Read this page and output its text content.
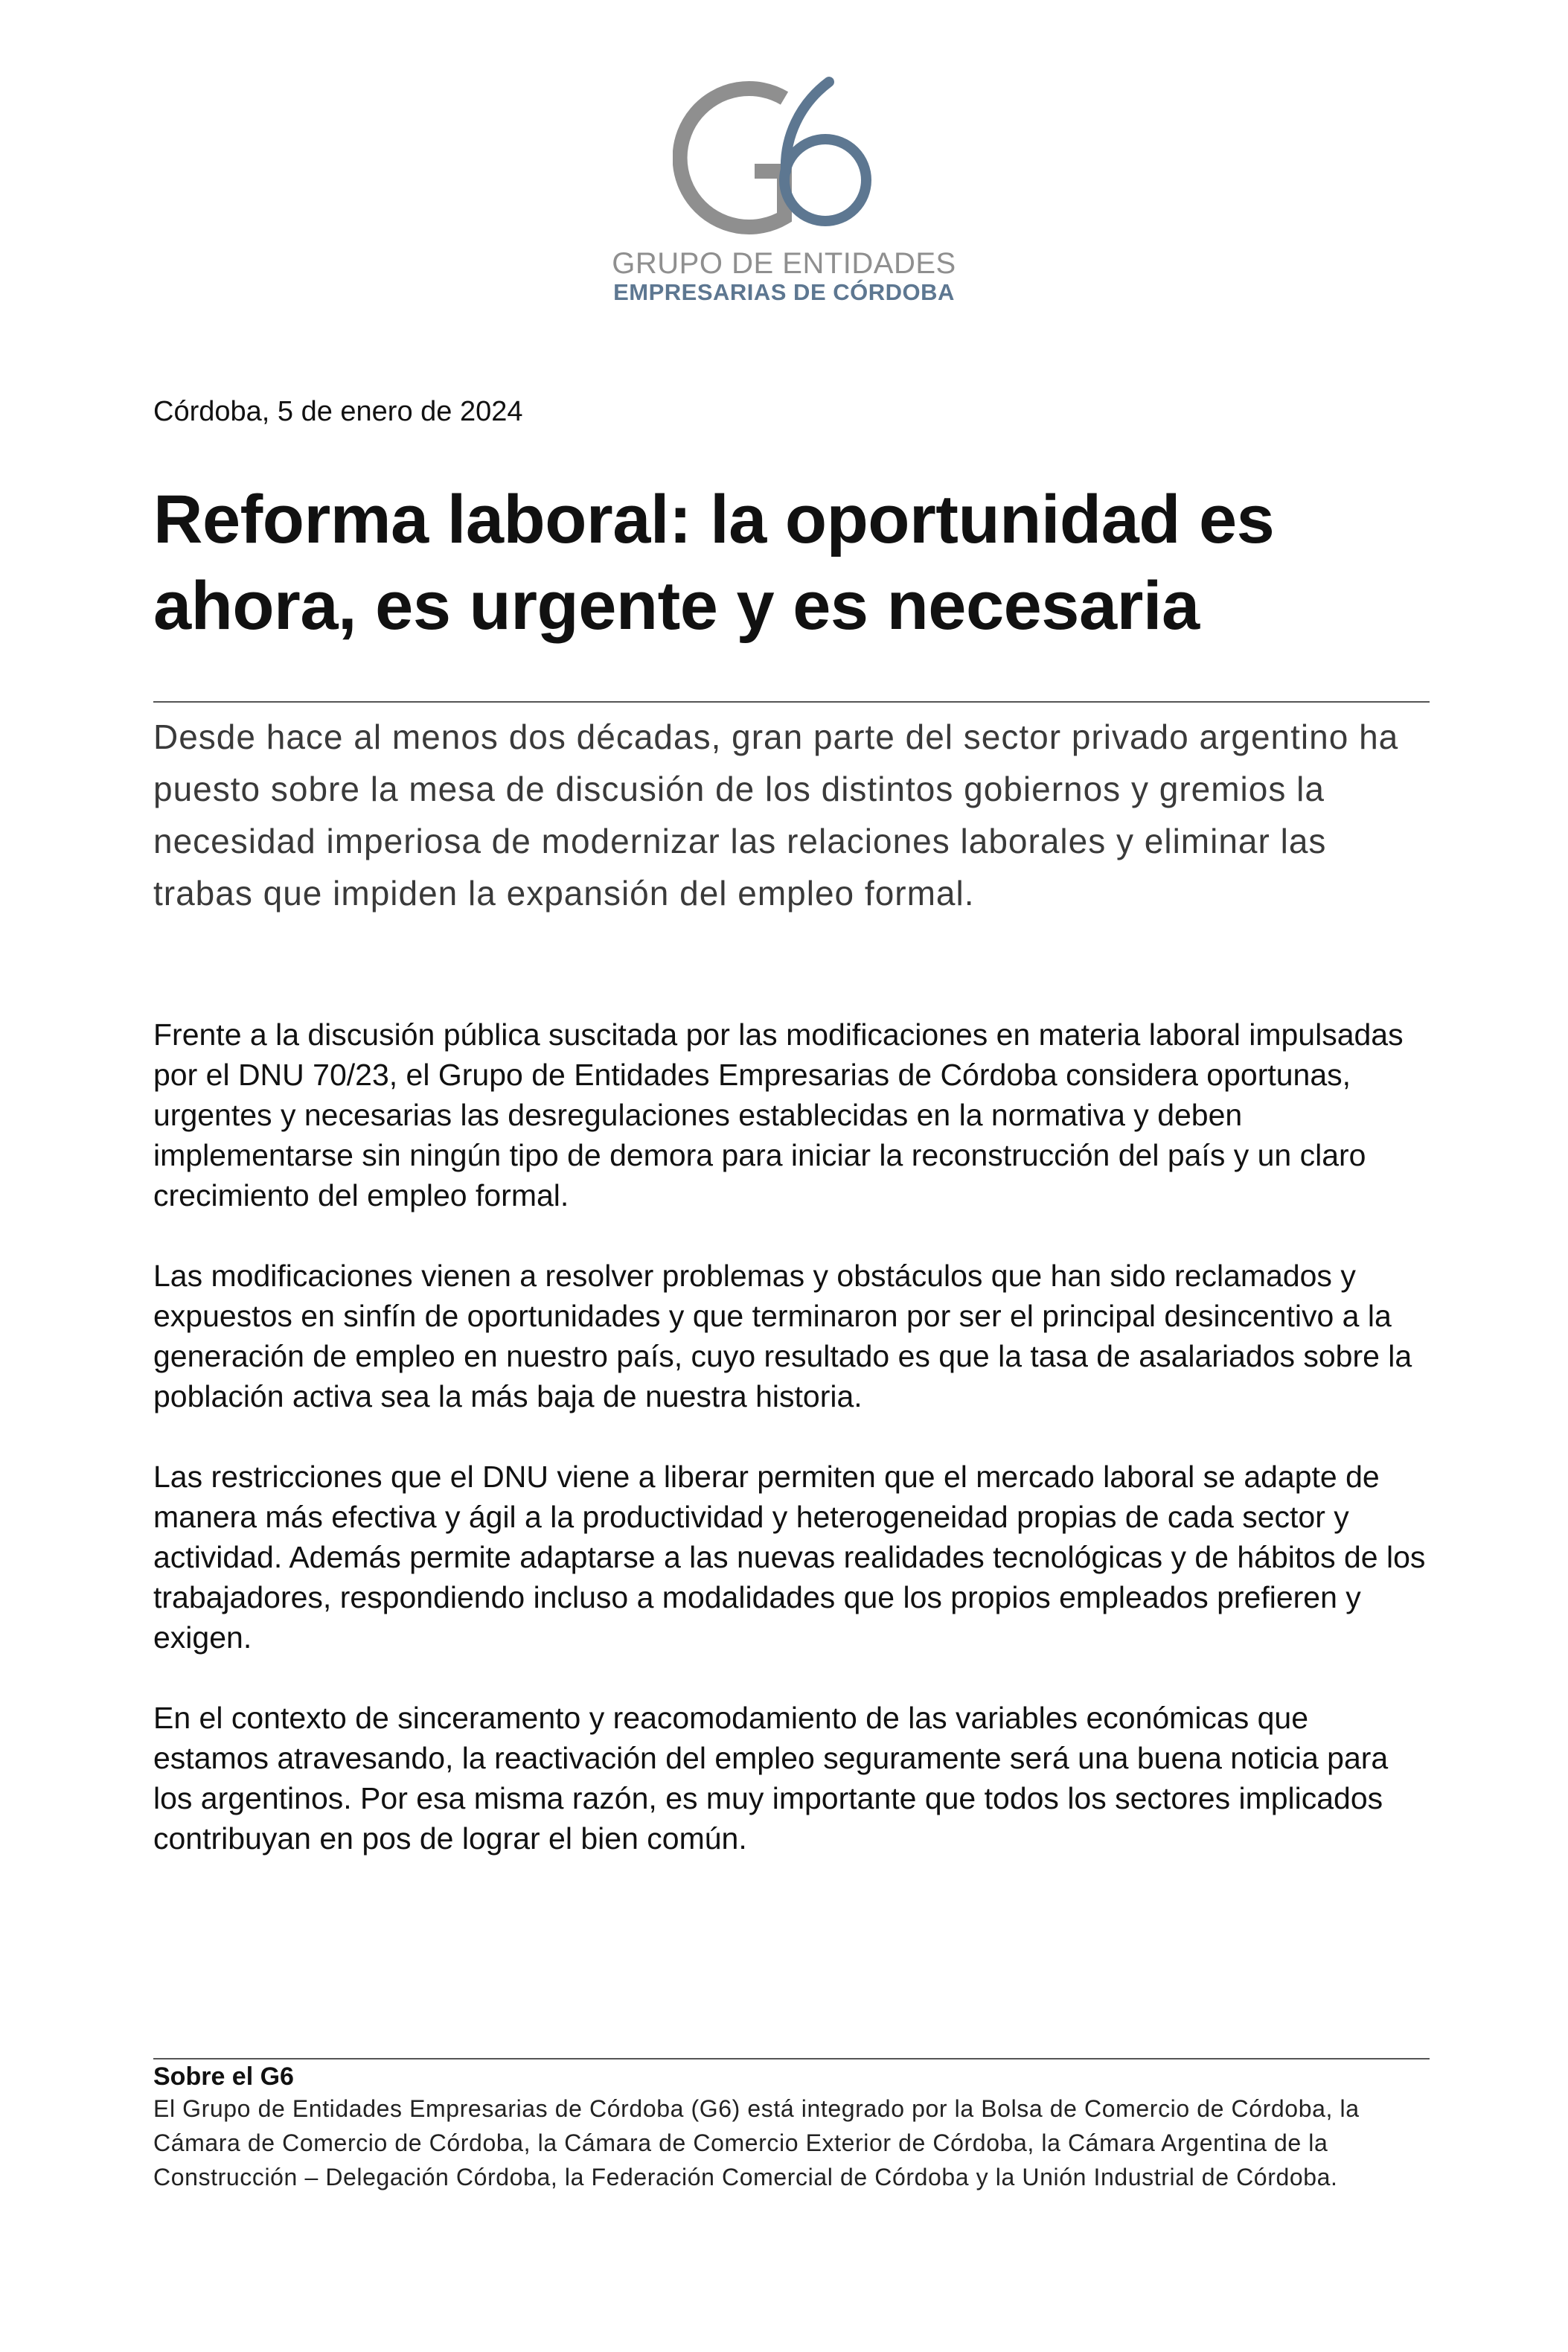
GRUPO DE ENTIDADES
EMPRESARIAS DE CÓRDOBA
Córdoba, 5 de enero de 2024
Reforma laboral: la oportunidad es ahora, es urgente y es necesaria

Desde hace al menos dos décadas, gran parte del sector privado argentino ha puesto sobre la mesa de discusión de los distintos gobiernos y gremios la necesidad imperiosa de modernizar las relaciones laborales y eliminar las trabas que impiden la expansión del empleo formal.

Frente a la discusión pública suscitada por las modificaciones en materia laboral impulsadas por el DNU 70/23, el Grupo de Entidades Empresarias de Córdoba considera oportunas, urgentes y necesarias las desregulaciones establecidas en la normativa y deben implementarse sin ningún tipo de demora para iniciar la reconstrucción del país y un claro crecimiento del empleo formal.

Las modificaciones vienen a resolver problemas y obstáculos que han sido reclamados y expuestos en sinfín de oportunidades y que terminaron por ser el principal desincentivo a la generación de empleo en nuestro país, cuyo resultado es que la tasa de asalariados sobre la población activa sea la más baja de nuestra historia.

Las restricciones que el DNU viene a liberar permiten que el mercado laboral se adapte de manera más efectiva y ágil a la productividad y heterogeneidad propias de cada sector y actividad. Además permite adaptarse a las nuevas realidades tecnológicas y de hábitos de los trabajadores, respondiendo incluso a modalidades que los propios empleados prefieren y exigen.

En el contexto de sinceramento y reacomodamiento de las variables económicas que estamos atravesando, la reactivación del empleo seguramente será una buena noticia para los argentinos. Por esa misma razón, es muy importante que todos los sectores implicados contribuyan en pos de lograr el bien común.

Sobre el G6
El Grupo de Entidades Empresarias de Córdoba (G6) está integrado por la Bolsa de Comercio de Córdoba, la Cámara de Comercio de Córdoba, la Cámara de Comercio Exterior de Córdoba, la Cámara Argentina de la Construcción – Delegación Córdoba, la Federación Comercial de Córdoba y la Unión Industrial de Córdoba.
